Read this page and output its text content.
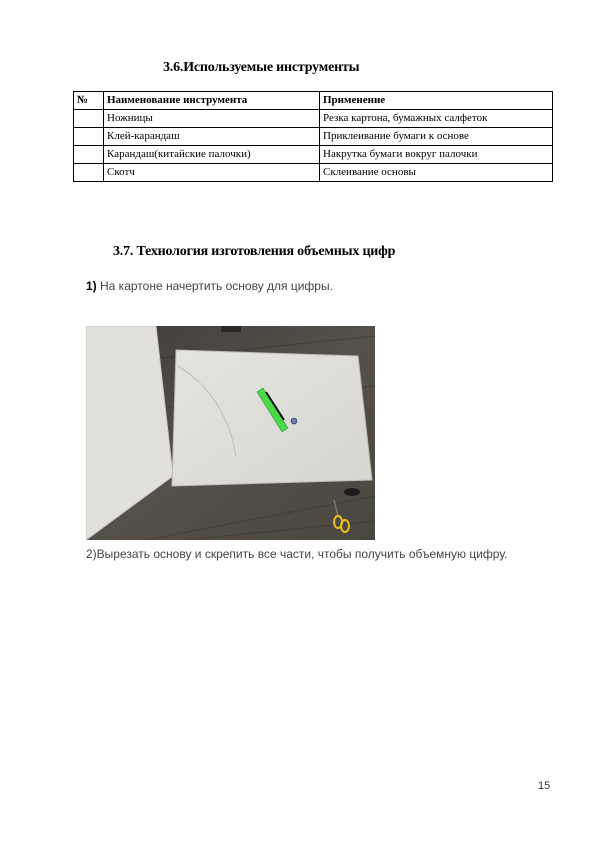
3.6.Используемые инструменты
№	Наименование инструмента	Применение
	Ножницы	Резка картона, бумажных салфеток
	Клей-карандаш	Приклеивание бумаги к основе
	Карандаш(китайские палочки)	Накрутка бумаги вокруг палочки
	Скотч	Склеивание основы
3.7. Технология изготовления объемных цифр
1) На картоне начертить основу для цифры.
2)Вырезать основу и скрепить все части, чтобы получить объемную цифру.
15
